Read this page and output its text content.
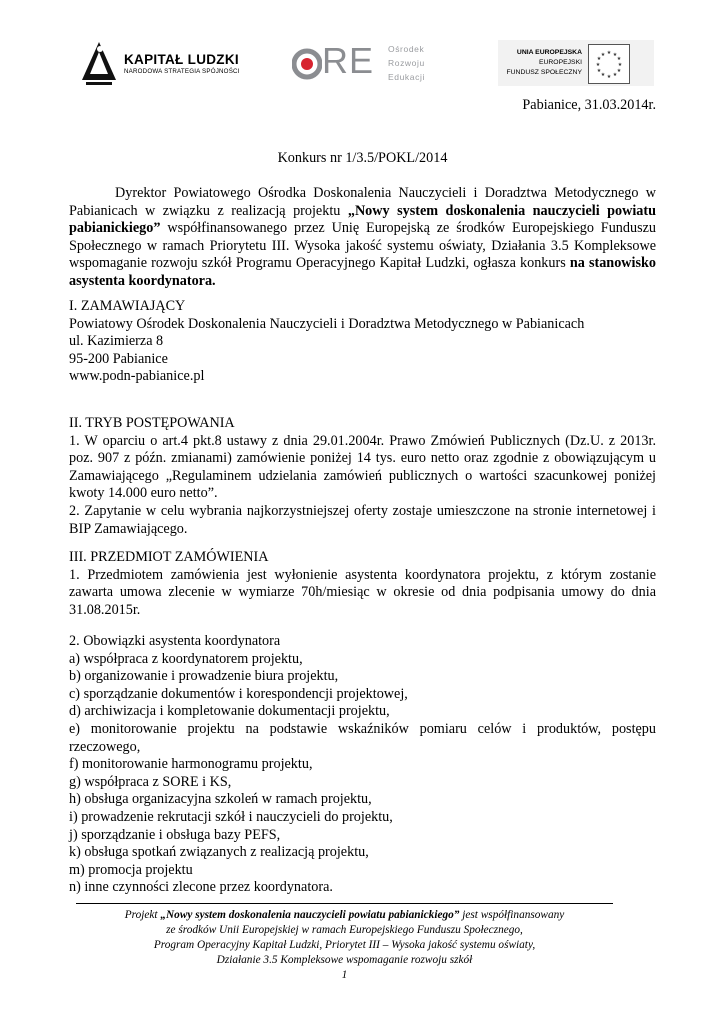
KAPITAŁ LUDZKI
NARODOWA STRATEGIA SPÓJNOŚCI RE Ośrodek
Rozwoju
Edukacji
UNIA EUROPEJSKA
EUROPEJSKI
FUNDUSZ SPOŁECZNY
★ ★
★
★
★
★
★
★
★
★
★
★
Pabianice, 31.03.2014r.
Konkurs nr 1/3.5/POKL/2014
Dyrektor Powiatowego Ośrodka Doskonalenia Nauczycieli i Doradztwa Metodycznego w Pabianicach w związku z realizacją projektu „Nowy system doskonalenia nauczycieli powiatu pabianickiego” współfinansowanego przez Unię Europejską ze środków Europejskiego Funduszu Społecznego w ramach Priorytetu III. Wysoka jakość systemu oświaty, Działania 3.5 Kompleksowe wspomaganie rozwoju szkół Programu Operacyjnego Kapitał Ludzki, ogłasza konkurs na stanowisko asystenta koordynatora.
I. ZAMAWIAJĄCY
Powiatowy Ośrodek Doskonalenia Nauczycieli i Doradztwa Metodycznego w Pabianicach
ul. Kazimierza 8
95-200 Pabianice
www.podn-pabianice.pl
II. TRYB POSTĘPOWANIA
1. W oparciu o art.4 pkt.8 ustawy z dnia 29.01.2004r. Prawo Zmówień Publicznych (Dz.U. z 2013r. poz. 907 z późn. zmianami) zamówienie poniżej 14 tys. euro netto oraz zgodnie z obowiązującym u Zamawiającego „Regulaminem udzielania zamówień publicznych o wartości szacunkowej poniżej kwoty 14.000 euro netto”.
2. Zapytanie w celu wybrania najkorzystniejszej oferty zostaje umieszczone na stronie internetowej i BIP Zamawiającego.
III. PRZEDMIOT ZAMÓWIENIA
1. Przedmiotem zamówienia jest wyłonienie asystenta koordynatora projektu, z którym zostanie zawarta umowa zlecenie w wymiarze 70h/miesiąc w okresie od dnia podpisania umowy do dnia 31.08.2015r.
2. Obowiązki asystenta koordynatora
a) współpraca z koordynatorem projektu,
b) organizowanie i prowadzenie biura projektu,
c) sporządzanie dokumentów i korespondencji projektowej,
d) archiwizacja i kompletowanie dokumentacji projektu,
e) monitorowanie projektu na podstawie wskaźników pomiaru celów i produktów, postępu rzeczowego,
f) monitorowanie harmonogramu projektu,
g) współpraca z SORE i KS,
h) obsługa organizacyjna szkoleń w ramach projektu,
i) prowadzenie rekrutacji szkół i nauczycieli do projektu,
j) sporządzanie i obsługa bazy PEFS,
k) obsługa spotkań związanych z realizacją projektu,
m) promocja projektu
n) inne czynności zlecone przez koordynatora.
Projekt „Nowy system doskonalenia nauczycieli powiatu pabianickiego” jest współfinansowany
ze środków Unii Europejskiej w ramach Europejskiego Funduszu Społecznego,
Program Operacyjny Kapitał Ludzki, Priorytet III – Wysoka jakość systemu oświaty,
Działanie 3.5 Kompleksowe wspomaganie rozwoju szkół
1
